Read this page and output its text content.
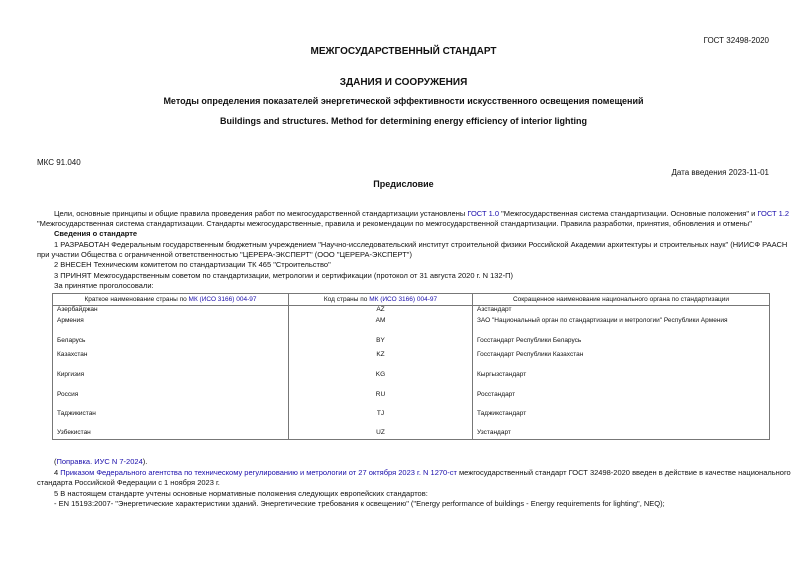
ГОСТ 32498-2020
МЕЖГОСУДАРСТВЕННЫЙ СТАНДАРТ
ЗДАНИЯ И СООРУЖЕНИЯ
Методы определения показателей энергетической эффективности искусственного освещения помещений
Buildings and structures. Method for determining energy efficiency of interior lighting
МКС 91.040
Дата введения 2023-11-01
Предисловие
Цели, основные принципы и общие правила проведения работ по межгосударственной стандартизации установлены ГОСТ 1.0 "Межгосударственная система стандартизации. Основные положения" и ГОСТ 1.2
"Межгосударственная система стандартизации. Стандарты межгосударственные, правила и рекомендации по межгосударственной стандартизации. Правила разработки, принятия, обновления и отмены"
Сведения о стандарте
1 РАЗРАБОТАН Федеральным государственным бюджетным учреждением "Научно-исследовательский институт строительной физики Российской Академии архитектуры и строительных наук" (НИИСФ РААСН
при участии Общества с ограниченной ответственностью "ЦЕРЕРА-ЭКСПЕРТ" (ООО "ЦЕРЕРА-ЭКСПЕРТ")
2 ВНЕСЕН Техническим комитетом по стандартизации ТК 465 "Строительство"
3 ПРИНЯТ Межгосударственным советом по стандартизации, метрологии и сертификации (протокол от 31 августа 2020 г. N 132-П)
За принятие проголосовали:
Краткое наименование страны по МК (ИСО 3166) 004-97	Код страны по МК (ИСО 3166) 004-97	Сокращенное наименование национального органа по стандартизации
Азербайджан	AZ	Азстандарт
Армения	AM	ЗАО "Национальный орган по стандартизации и метрологии" Республики Армения
Беларусь	BY	Госстандарт Республики Беларусь
Казахстан	KZ	Госстандарт Республики Казахстан
Киргизия	KG	Кыргызстандарт
Россия	RU	Росстандарт
Таджикистан	TJ	Таджикстандарт
Узбекистан	UZ	Узстандарт
(Поправка. ИУС N 7-2024).
4 Приказом Федерального агентства по техническому регулированию и метрологии от 27 октября 2023 г. N 1270-ст межгосударственный стандарт ГОСТ 32498-2020 введен в действие в качестве национального
стандарта Российской Федерации с 1 ноября 2023 г.
5 В настоящем стандарте учтены основные нормативные положения следующих европейских стандартов:
- EN 15193:2007- "Энергетические характеристики зданий. Энергетические требования к освещению" ("Energy performance of buildings - Energy requirements for lighting", NEQ);
